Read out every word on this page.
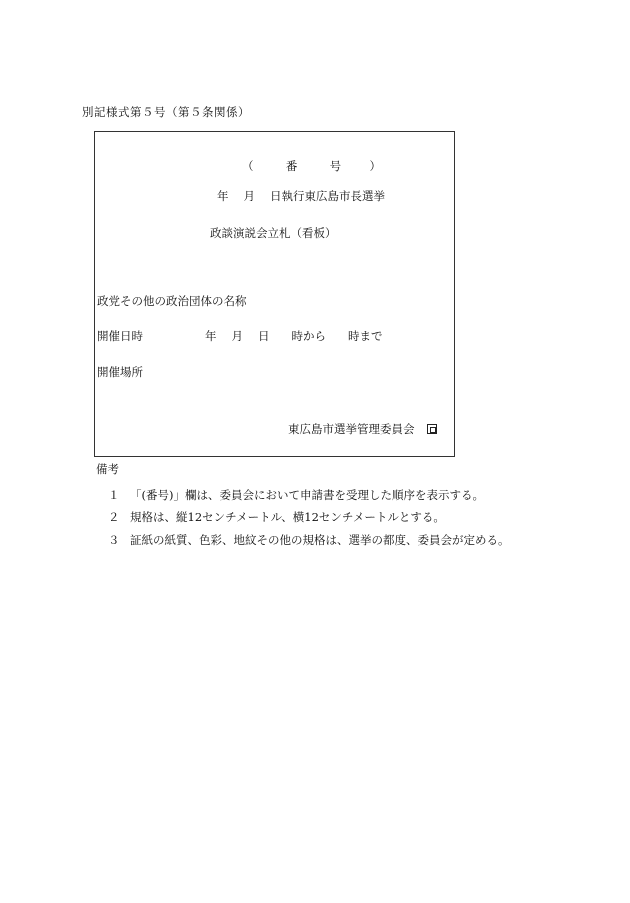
別記様式第５号（第５条関係）
（	番	号 ）
年 月 日執行東広島市長選挙
政談演説会立札（看板）
政党その他の政治団体の名称
開催日時	年 月 日 時から 時まで
開催場所
東広島市選挙管理委員会
備考
１ 「(番号)」欄は、委員会において申請書を受理した順序を表示する。
２ 規格は、縦12センチメートル、横12センチメートルとする。
３ 証紙の紙質、色彩、地紋その他の規格は、選挙の都度、委員会が定める。
